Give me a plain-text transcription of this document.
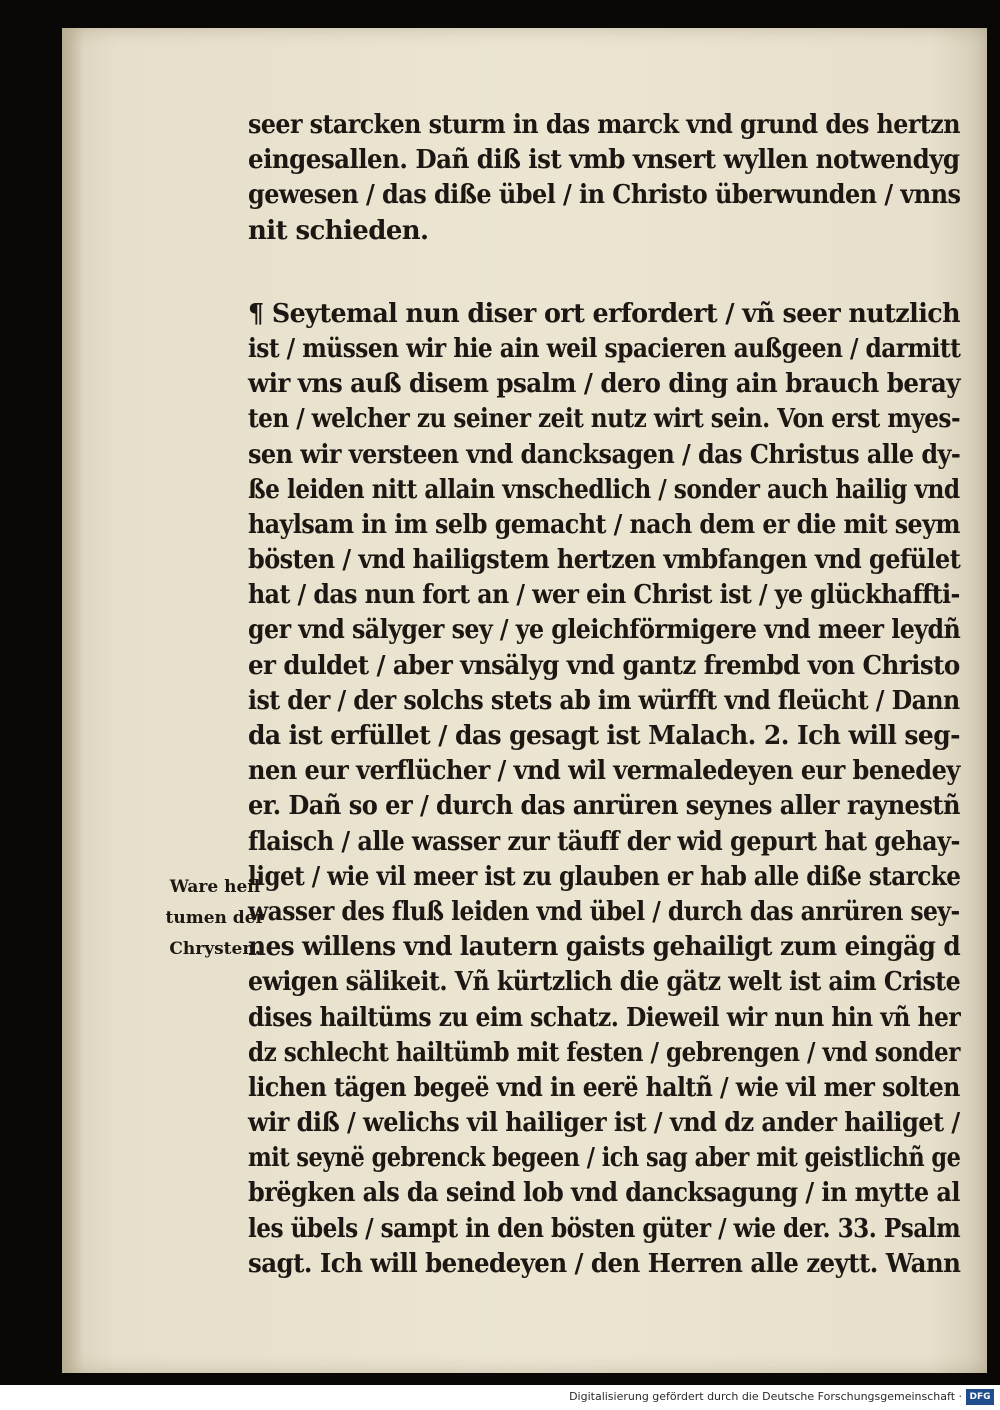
seer starcken sturm in das marck vnd grund des hertzn
eingesallen. Dañ diß ist vmb vnsert wyllen notwendyg
gewesen / das diße übel / in Christo überwunden / vnns
nit schieden.
¶ Seytemal nun diser ort erfordert / vñ seer nutzlich
ist / müssen wir hie ain weil spacieren außgeen / darmitt
wir vns auß disem psalm / dero ding ain brauch beray
ten / welcher zu seiner zeit nutz wirt sein. Von erst myes-
sen wir versteen vnd dancksagen / das Christus alle dy-
ße leiden nitt allain vnschedlich / sonder auch hailig vnd
haylsam in im selb gemacht / nach dem er die mit seym
bösten / vnd hailigstem hertzen vmbfangen vnd gefület
hat / das nun fort an / wer ein Christ ist / ye glückhaffti-
ger vnd sälyger sey / ye gleichförmigere vnd meer leydñ
er duldet / aber vnsälyg vnd gantz frembd von Christo
ist der / der solchs stets ab im würfft vnd fleücht / Dann
da ist erfüllet / das gesagt ist Malach. 2. Ich will seg-
nen eur verflücher / vnd wil vermaledeyen eur benedey
er. Dañ so er / durch das anrüren seynes aller raynestñ
flaisch / alle wasser zur täuff der wid gepurt hat gehay-
liget / wie vil meer ist zu glauben er hab alle diße starcke
wasser des fluß leiden vnd übel / durch das anrüren sey-
nes willens vnd lautern gaists gehailigt zum eingäg d
ewigen sälikeit. Vñ kürtzlich die gätz welt ist aim Criste
dises hailtüms zu eim schatz. Dieweil wir nun hin vñ her
dz schlecht hailtümb mit festen / gebrengen / vnd sonder
lichen tägen begeë vnd in eerë haltñ / wie vil mer solten
wir diß / welichs vil hailiger ist / vnd dz ander hailiget /
mit seynë gebrenck begeen / ich sag aber mit geistlichñ ge
brëgken als da seind lob vnd dancksagung / in mytte al
les übels / sampt in den bösten güter / wie der. 33. Psalm
sagt. Ich will benedeyen / den Herren alle zeytt. Wann
Ware heil
tumen der
Chrysten.
Digitalisierung gefördert durch die Deutsche Forschungsgemeinschaft · DFG
